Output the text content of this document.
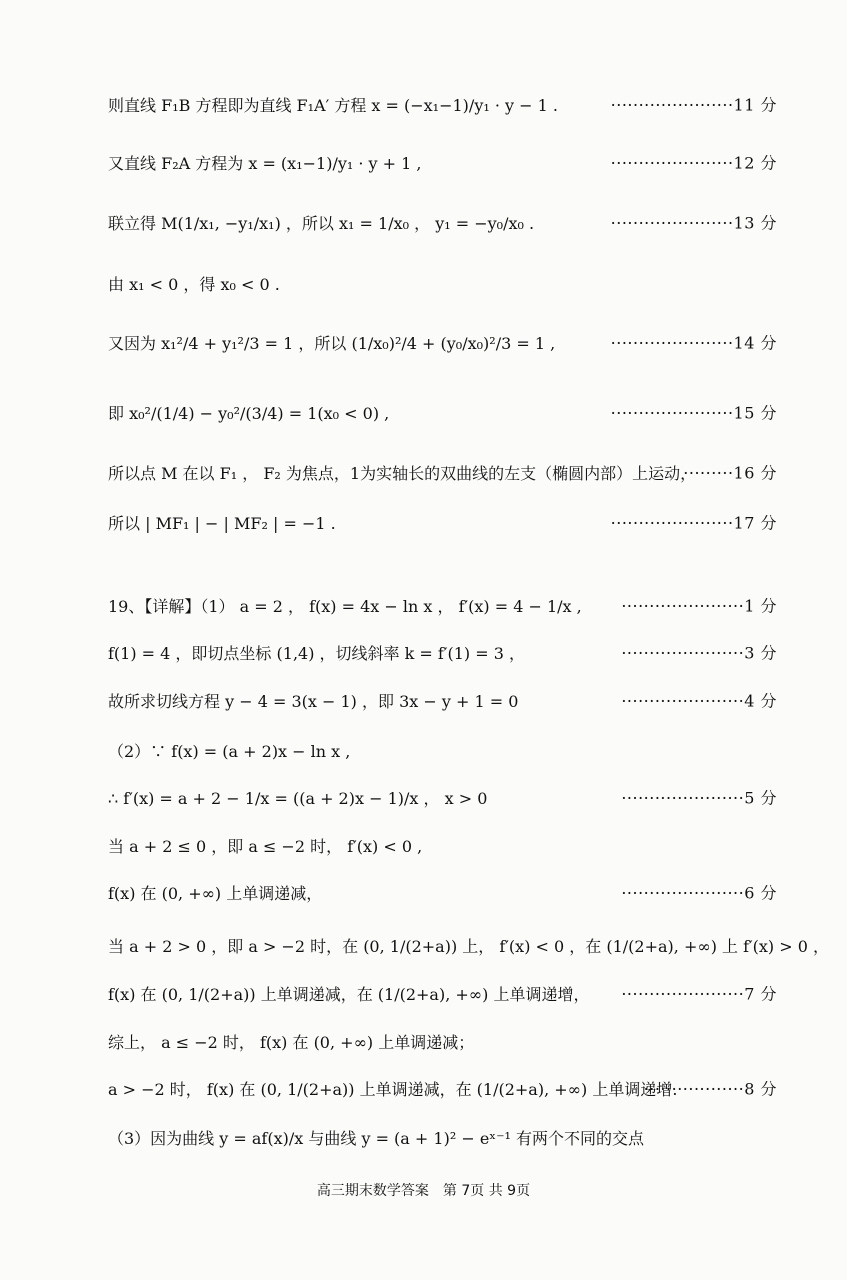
则直线 F₁B 方程即为直线 F₁A′ 方程 x = (−x₁−1)/y₁ · y − 1 .	······················11 分
又直线 F₂A 方程为 x = (x₁−1)/y₁ · y + 1 ,	······················12 分
联立得 M(1/x₁, −y₁/x₁) ，所以 x₁ = 1/x₀ ， y₁ = −y₀/x₀ .	······················13 分
由 x₁ < 0 ，得 x₀ < 0 .
又因为 x₁²/4 + y₁²/3 = 1 ，所以 (1/x₀)²/4 + (y₀/x₀)²/3 = 1 ,	······················14 分
即 x₀²/(1/4) − y₀²/(3/4) = 1(x₀ < 0) ,	······················15 分
所以点 M 在以 F₁ ， F₂ 为焦点，1为实轴长的双曲线的左支（椭圆内部）上运动，
·········16 分
所以 | MF₁ | − | MF₂ | = −1 .	······················17 分
19、【详解】（1） a = 2 ， f(x) = 4x − ln x ， f′(x) = 4 − 1/x ,	······················1 分
f(1) = 4 ，即切点坐标 (1,4) ，切线斜率 k = f′(1) = 3 ，	······················3 分
故所求切线方程 y − 4 = 3(x − 1) ，即 3x − y + 1 = 0	······················4 分
（2）∵ f(x) = (a + 2)x − ln x ,
∴ f′(x) = a + 2 − 1/x = ((a + 2)x − 1)/x ， x > 0	······················5 分
当 a + 2 ≤ 0 ，即 a ≤ −2 时， f′(x) < 0 ,
f(x) 在 (0, +∞) 上单调递减，	······················6 分
当 a + 2 > 0 ，即 a > −2 时，在 (0, 1/(2+a)) 上， f′(x) < 0 ，在 (1/(2+a), +∞) 上 f′(x) > 0 ，
f(x) 在 (0, 1/(2+a)) 上单调递减，在 (1/(2+a), +∞) 上单调递增，	······················7 分
综上， a ≤ −2 时， f(x) 在 (0, +∞) 上单调递减；
a > −2 时， f(x) 在 (0, 1/(2+a)) 上单调递减，在 (1/(2+a), +∞) 上单调递增.
··················8 分
（3）因为曲线 y = af(x)/x 与曲线 y = (a + 1)² − eˣ⁻¹ 有两个不同的交点
高三期末数学答案　第 7页 共 9页
